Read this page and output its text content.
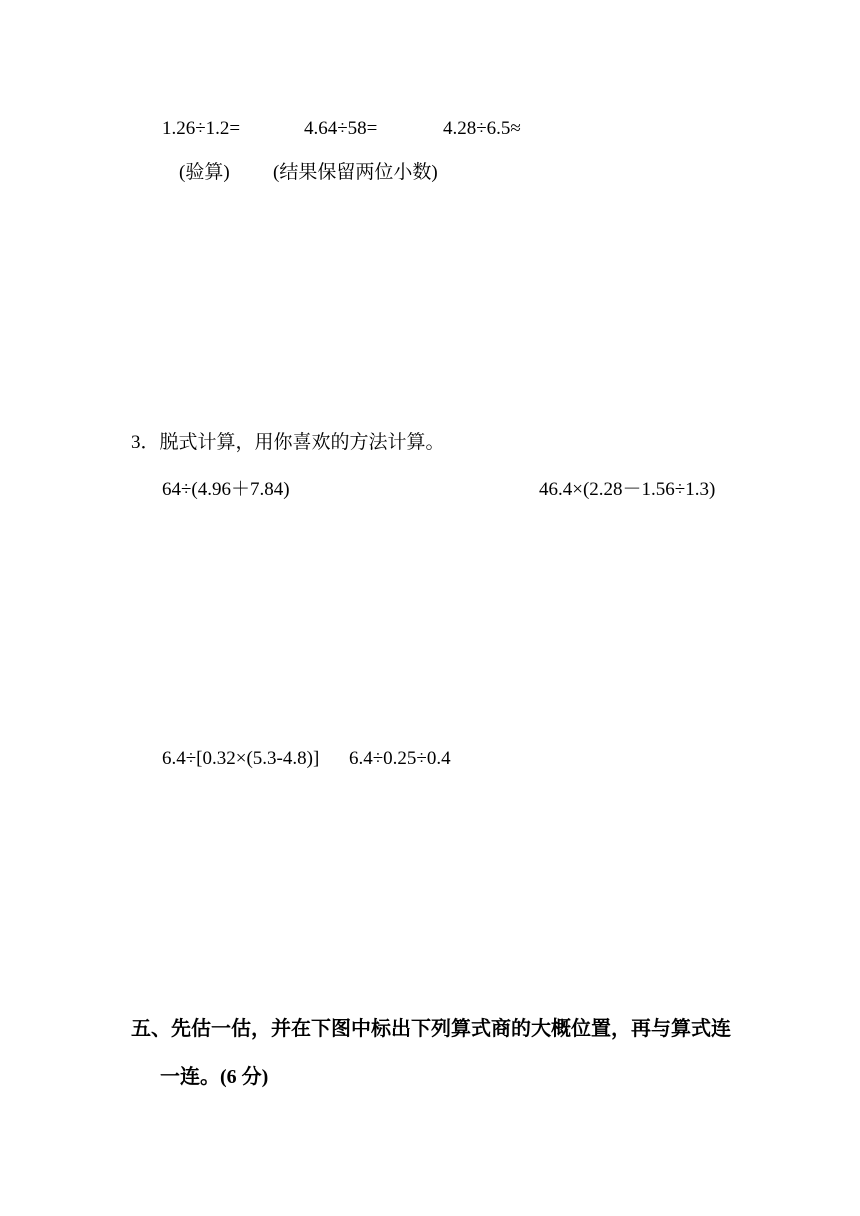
1.26÷1.2=	4.64÷58=	4.28÷6.5≈
(验算) (结果保留两位小数)
3．脱式计算，用你喜欢的方法计算。
64÷(4.96＋7.84)	46.4×(2.28－1.56÷1.3)
6.4÷[0.32×(5.3-4.8)] 6.4÷0.25÷0.4
五、先估一估，并在下图中标出下列算式商的大概位置，再与算式连
一连。(6 分)
